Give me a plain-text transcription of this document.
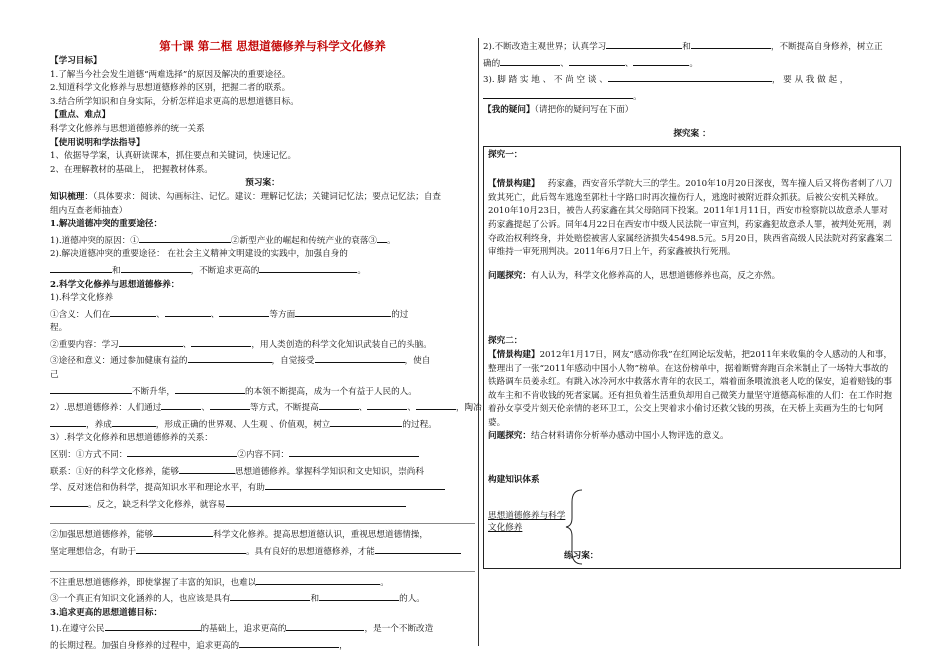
第十课 第二框 思想道德修养与科学文化修养
【学习目标】
1.了解当今社会发生道德“两难选择”的原因及解决的重要途径。
2.知道科学文化修养与思想道德修养的区别，把握二者的联系。
3.结合所学知识和自身实际，分析怎样追求更高的思想道德目标。
【重点、难点】
科学文化修养与思想道德修养的统一关系
【使用说明和学法指导】
1、依据导学案，认真研读课本，抓住要点和关键词，快速记忆。
2、在理解教材的基础上， 把握教材体系。
预习案：
知识梳理：（具体要求：阅读、勾画标注、记忆。建议：理解记忆法；关键词记忆法；要点记忆法；自查
组内互查老师抽查）
1.解决道德冲突的重要途径：
1).道德冲突的原因：①	②新型产业的崛起和传统产业的衰落③ 。
2).解决道德冲突的重要途径： 在社会主义精神文明建设的实践中，加强自身的
和	，不断追求更高的	。
2.科学文化修养与思想道德修养：
1).科学文化修养
①含义：人们在	、	、	等方面	的过
程。
②重要内容：学习	、	，用人类创造的科学文化知识武装自己的头脑。
③途径和意义：通过参加健康有益的	，自觉接受	，使自
己
不断升华，	的本领不断提高，成为一个有益于人民的人。
2）.思想道德修养：人们通过	、	等方式，不断提高	、	、	，陶冶
，养成	，形成正确的世界观、人生观 、价值观，树立	的过程。
3）.科学文化修养和思想道德修养的关系：
区别：①方式不同：	②内容不同：
联系：①好的科学文化修养，能够	思想道德修养。掌握科学知识和文史知识，崇尚科
学、反对迷信和伪科学，提高知识水平和理论水平，有助
。反之，缺乏科学文化修养，就容易
②加强思想道德修养，能够	科学文化修养。提高思想道德认识，重视思想道德情操，
坚定理想信念，有助于	。具有良好的思想道德修养，才能
不注重思想道德修养，即使掌握了丰富的知识，也难以	。
③一个真正有知识文化涵养的人，也应该是具有	和	的人。
3.追求更高的思想道德目标：
1).在遵守公民	的基础上，追求更高的	，是一个不断改造
的长期过程。加强自身修养的过程中，追求更高的	，
2).不断改造主观世界；认真学习	和	，不断提高自身修养，树立正
确的	、	、	。
3). 脚 踏 实 地 、 不 尚 空 谈 、	， 要 从 我 做 起 ，
。
【我的疑问】（请把你的疑问写在下面）
探究案 ：
探究一：
【情景构建】 药家鑫，西安音乐学院大三的学生。2010年10月20日深夜，驾车撞人后又将伤者刺了八刀致其死亡，此后驾车逃逸至郭杜十字路口时再次撞伤行人，逃逸时被附近群众抓获。后被公安机关释放。2010年10月23日，被告人药家鑫在其父母陪同下投案。2011年1月11日，西安市检察院以故意杀人罪对药家鑫提起了公诉。同年4月22日在西安市中级人民法院一审宣判，药家鑫犯故意杀人罪，被判处死刑，剥夺政治权利终身，并处赔偿被害人家属经济损失45498.5元。5月20日，陕西省高级人民法院对药家鑫案二审维持一审死刑判决。2011年6月7日上午，药家鑫被执行死刑。
问题探究：有人认为，科学文化修养高的人，思想道德修养也高，反之亦然。
探究二：
【情景构建】2012年1月17日，网友“感动你我”在红网论坛发帖，把2011年来收集的令人感动的人和事，整理出了一张“2011年感动中国小人物”榜单。在这份榜单中，据着断臂奔跑百余米制止了一场特大事故的铁路调车员姜永红。有跳入冰冷河水中救落水青年的农民工，端着面条喂流浪老人吃的保安，追着赔钱的事故车主和不肯收钱的死者家属。还有担负着生活重负却用自己微笑力量坚守道德高标准的人们：在工作时抱着孙女享受片刻天伦亲情的老环卫工，公交上哭着求小偷讨还救父钱的男孩，在天桥上卖画为生的七旬阿婆。
问题探究：结合材料请你分析举办感动中国小人物评选的意义。
构建知识体系
思想道德修养与科学文化修养
练习案：
